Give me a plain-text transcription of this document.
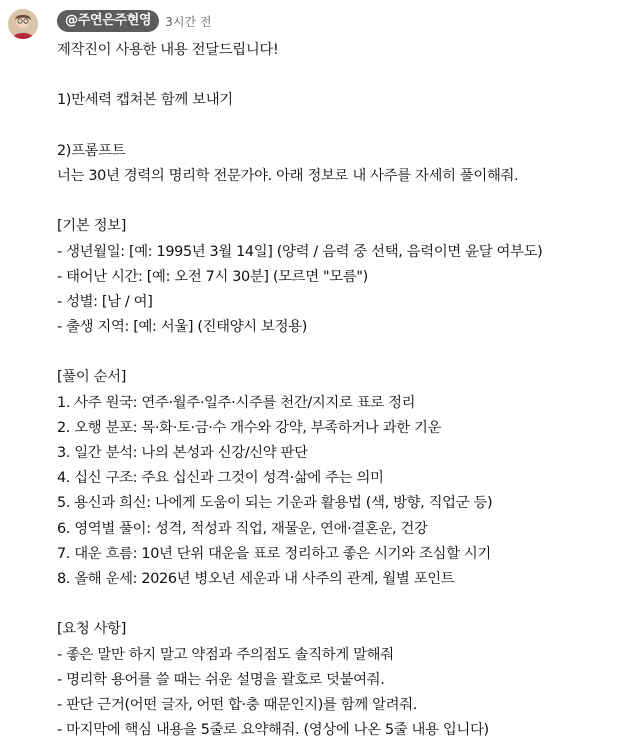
@주연은주현영	3시간 전
제작진이 사용한 내용 전달드립니다!
1)만세력 캡쳐본 함께 보내기
2)프롬프트
너는 30년 경력의 명리학 전문가야. 아래 정보로 내 사주를 자세히 풀이해줘.
[기본 정보]
- 생년월일: [예: 1995년 3월 14일] (양력 / 음력 중 선택, 음력이면 윤달 여부도)
- 태어난 시간: [예: 오전 7시 30분] (모르면 "모름")
- 성별: [남 / 여]
- 출생 지역: [예: 서울] (진태양시 보정용)
[풀이 순서]
1. 사주 원국: 연주·월주·일주·시주를 천간/지지로 표로 정리
2. 오행 분포: 목·화·토·금·수 개수와 강약, 부족하거나 과한 기운
3. 일간 분석: 나의 본성과 신강/신약 판단
4. 십신 구조: 주요 십신과 그것이 성격·삶에 주는 의미
5. 용신과 희신: 나에게 도움이 되는 기운과 활용법 (색, 방향, 직업군 등)
6. 영역별 풀이: 성격, 적성과 직업, 재물운, 연애·결혼운, 건강
7. 대운 흐름: 10년 단위 대운을 표로 정리하고 좋은 시기와 조심할 시기
8. 올해 운세: 2026년 병오년 세운과 내 사주의 관계, 월별 포인트
[요청 사항]
- 좋은 말만 하지 말고 약점과 주의점도 솔직하게 말해줘
- 명리학 용어를 쓸 때는 쉬운 설명을 괄호로 덧붙여줘.
- 판단 근거(어떤 글자, 어떤 합·충 때문인지)를 함께 알려줘.
- 마지막에 핵심 내용을 5줄로 요약해줘. (영상에 나온 5줄 내용 입니다)
